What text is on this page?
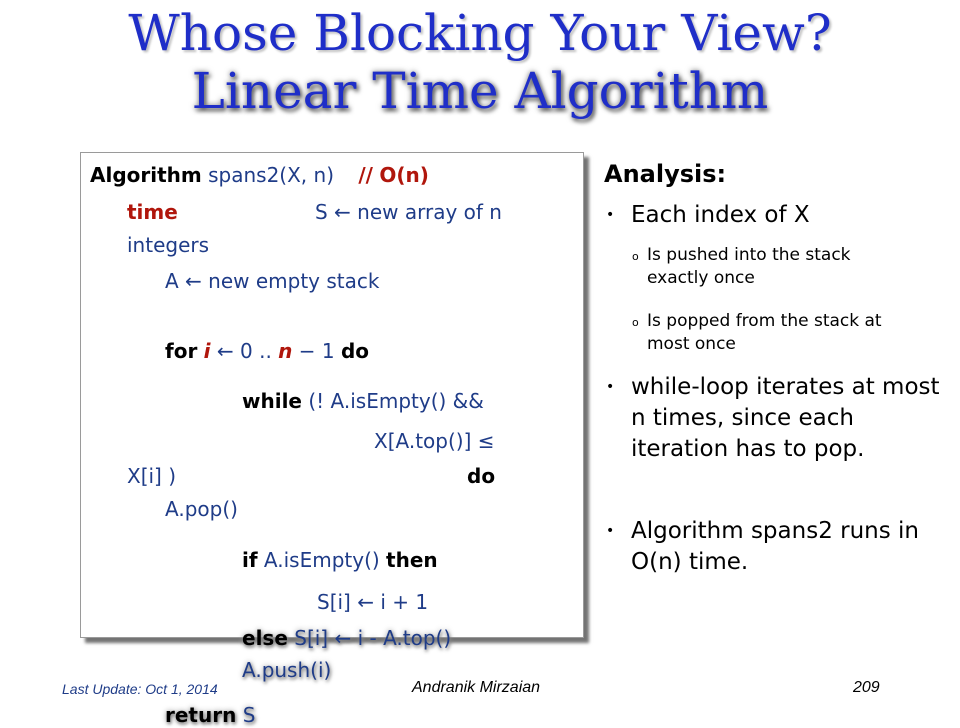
Whose Blocking Your View?
Linear Time Algorithm
Algorithm spans2(X, n) // O(n)
time	S ← new array of n
integers
A ← new empty stack
for i ← 0 .. n − 1 do
while (! A.isEmpty() &&
X[A.top()] ≤
X[i] )	do
A.pop()
if A.isEmpty() then
S[i] ← i + 1
else S[i] ← i - A.top()
A.push(i)
return S
Analysis:
• Each index of X
o Is pushed into the stack exactly once
o Is popped from the stack at most once
• while-loop iterates at most n times, since each iteration has to pop.
• Algorithm spans2 runs in O(n) time.
Last Update: Oct 1, 2014	Andranik Mirzaian	209
